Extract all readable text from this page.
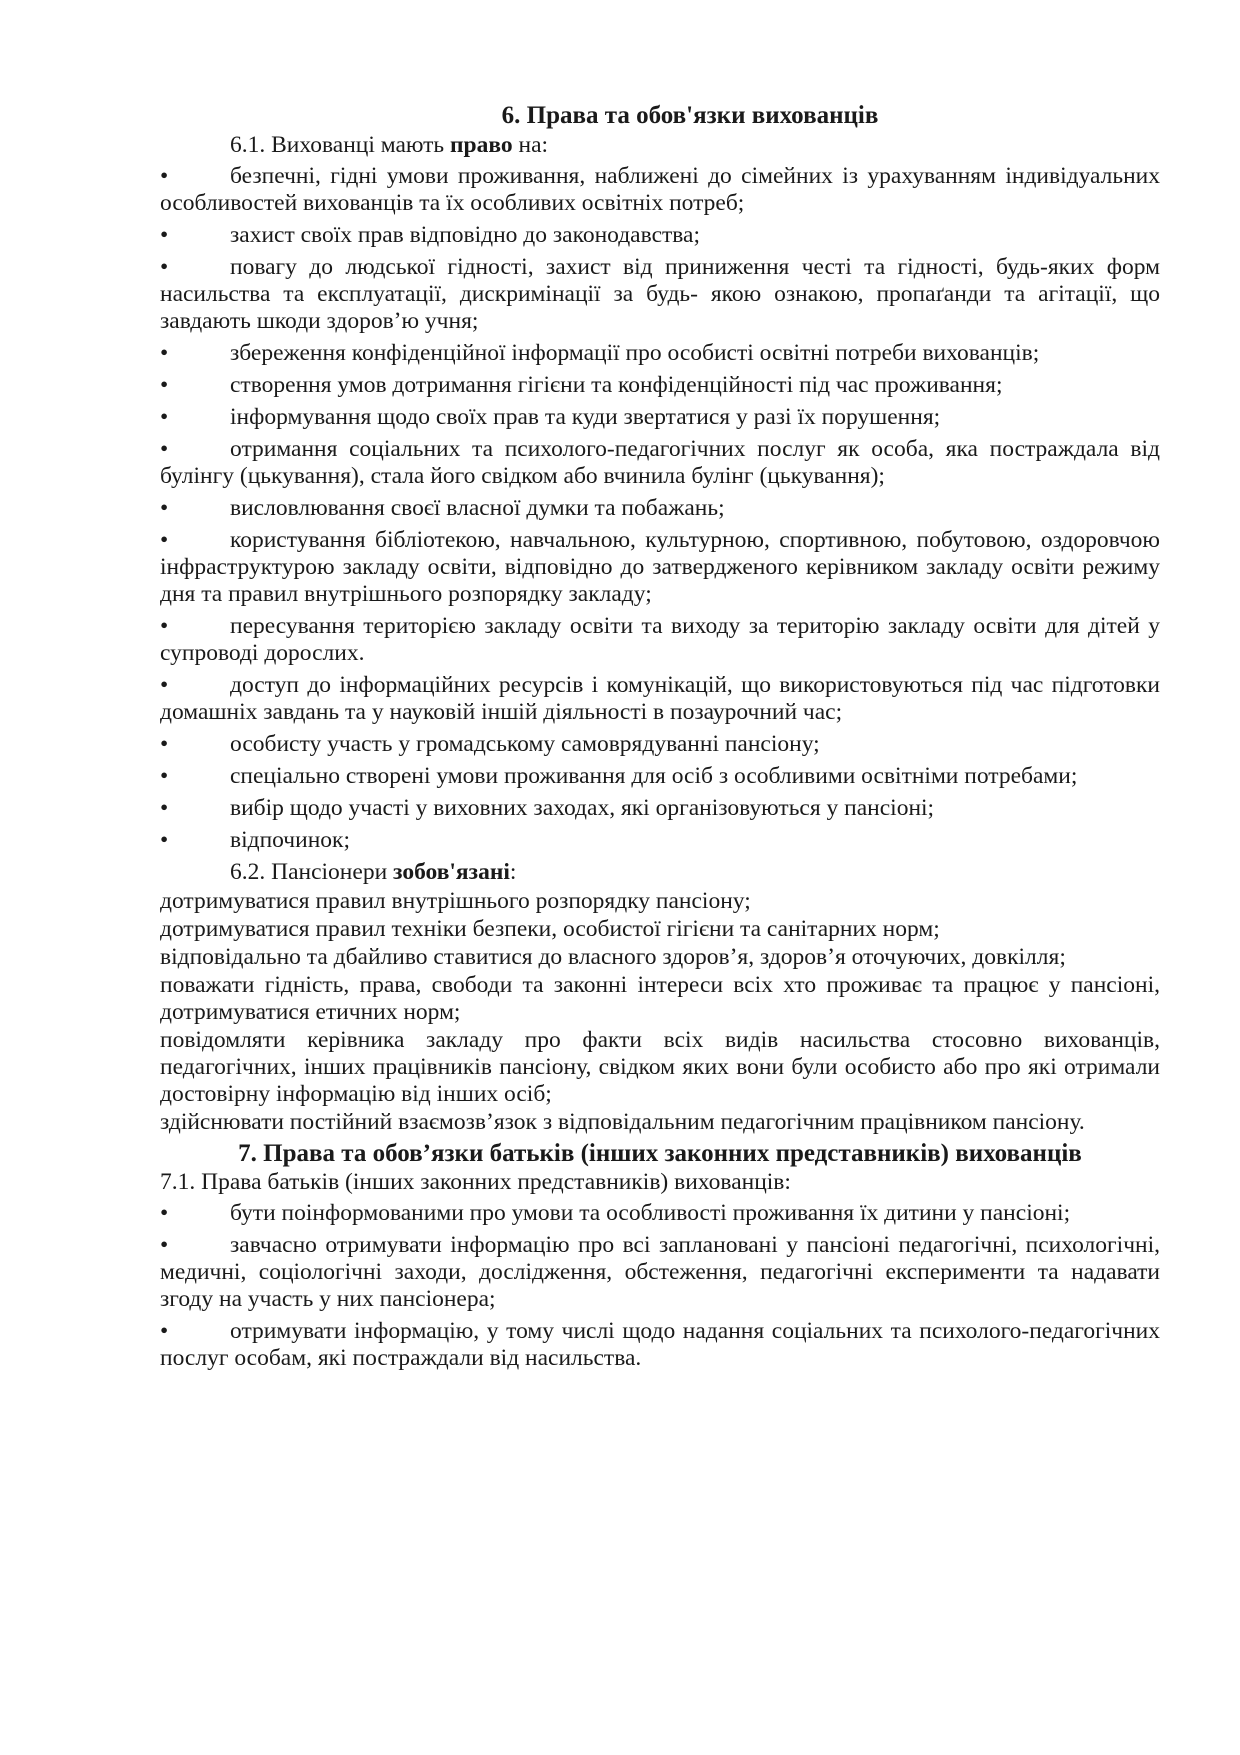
6. Права та обов'язки вихованців

6.1. Вихованці мають право на:

•	безпечні, гідні умови проживання, наближені до сімейних із урахуванням індивідуальних особливостей вихованців та їх особливих освітніх потреб;

•	захист своїх прав відповідно до законодавства;

•	повагу до людської гідності, захист від приниження честі та гідності, будь-яких форм насильства та експлуатації, дискримінації за будь- якою ознакою, пропаґанди та агітації, що завдають шкоди здоров’ю учня;

•	збереження конфіденційної інформації про особисті освітні потреби вихованців;

•	створення умов дотримання гігієни та конфіденційності під час проживання;

•	інформування щодо своїх прав та куди звертатися у разі їх порушення;

•	отримання соціальних та психолого-педагогічних послуг як особа, яка постраждала від булінгу (цькування), стала його свідком або вчинила булінг (цькування);

•	висловлювання своєї власної думки та побажань;

•	користування бібліотекою, навчальною, культурною, спортивною, побутовою, оздоровчою інфраструктурою закладу освіти, відповідно до затвердженого керівником закладу освіти режиму дня та правил внутрішнього розпорядку закладу;

•	пересування територією закладу освіти та виходу за територію закладу освіти для дітей у супроводі дорослих.

•	доступ до інформаційних ресурсів і комунікацій, що використовуються під час підготовки домашніх завдань та у науковій іншій діяльності в позаурочний час;

•	особисту участь у громадському самоврядуванні пансіону;

•	спеціально створені умови проживання для осіб з особливими освітніми потребами;

•	вибір щодо участі у виховних заходах, які організовуються у пансіоні;

•	відпочинок;

6.2. Пансіонери зобов'язані:

дотримуватися правил внутрішнього розпорядку пансіону;

дотримуватися правил техніки безпеки, особистої гігієни та санітарних норм;

відповідально та дбайливо ставитися до власного здоров’я, здоров’я оточуючих, довкілля;

поважати гідність, права, свободи та законні інтереси всіх хто проживає та працює у пансіоні, дотримуватися етичних норм;

повідомляти керівника закладу про факти всіх видів насильства стосовно вихованців, педагогічних, інших працівників пансіону, свідком яких вони були особисто або про які отримали достовірну інформацію від інших осіб;

здійснювати постійний взаємозв’язок з відповідальним педагогічним працівником пансіону.

7. Права та обов’язки батьків (інших законних представників) вихованців

7.1. Права батьків (інших законних представників) вихованців:

•	бути поінформованими про умови та особливості проживання їх дитини у пансіоні;

•	завчасно отримувати інформацію про всі заплановані у пансіоні педагогічні, психологічні, медичні, соціологічні заходи, дослідження, обстеження, педагогічні експерименти та надавати згоду на участь у них пансіонера;

•	отримувати інформацію, у тому числі щодо надання соціальних та психолого-педагогічних послуг особам, які постраждали від насильства.
